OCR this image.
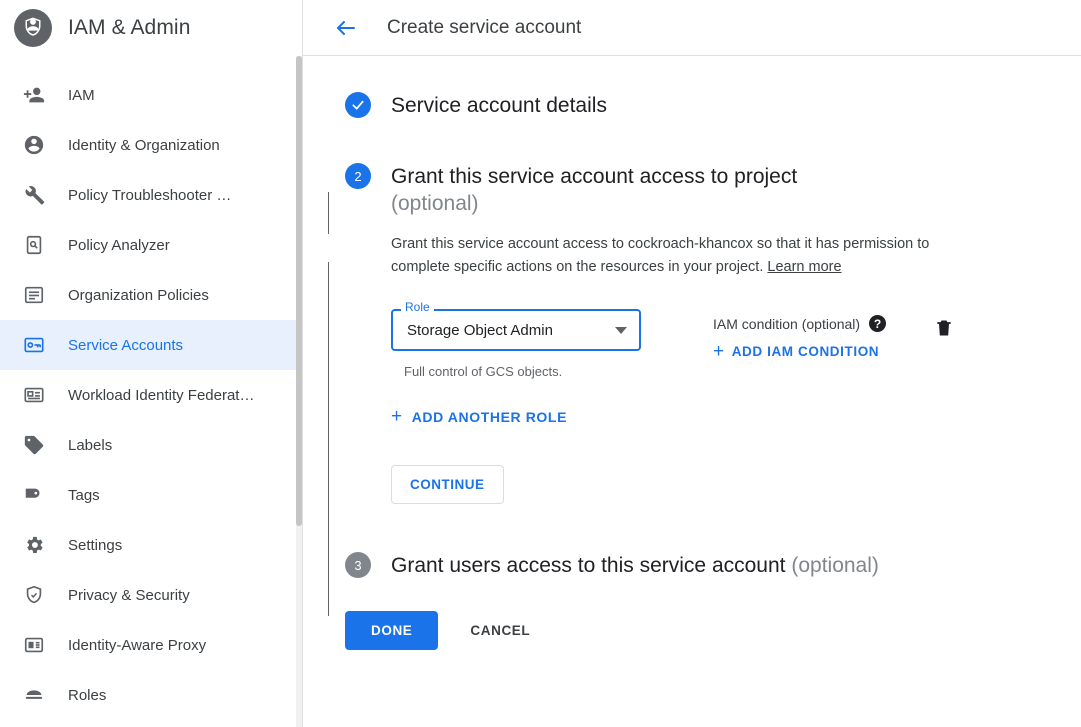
IAM & Admin
IAM
Identity & Organization
Policy Troubleshooter …
Policy Analyzer
Organization Policies
Service Accounts
Workload Identity Federat…
Labels
Tags
Settings
Privacy & Security
Identity-Aware Proxy
Roles
Create service account
Service account details
2	Grant this service account access to project
(optional)
Grant this service account access to cockroach-khancox so that it has permission to complete specific actions on the resources in your project. Learn more
Role
Storage Object Admin
Full control of GCS objects.
IAM condition (optional)	?
+ ADD IAM CONDITION
+ ADD ANOTHER ROLE
CONTINUE
3	Grant users access to this service account (optional)
DONE	CANCEL
